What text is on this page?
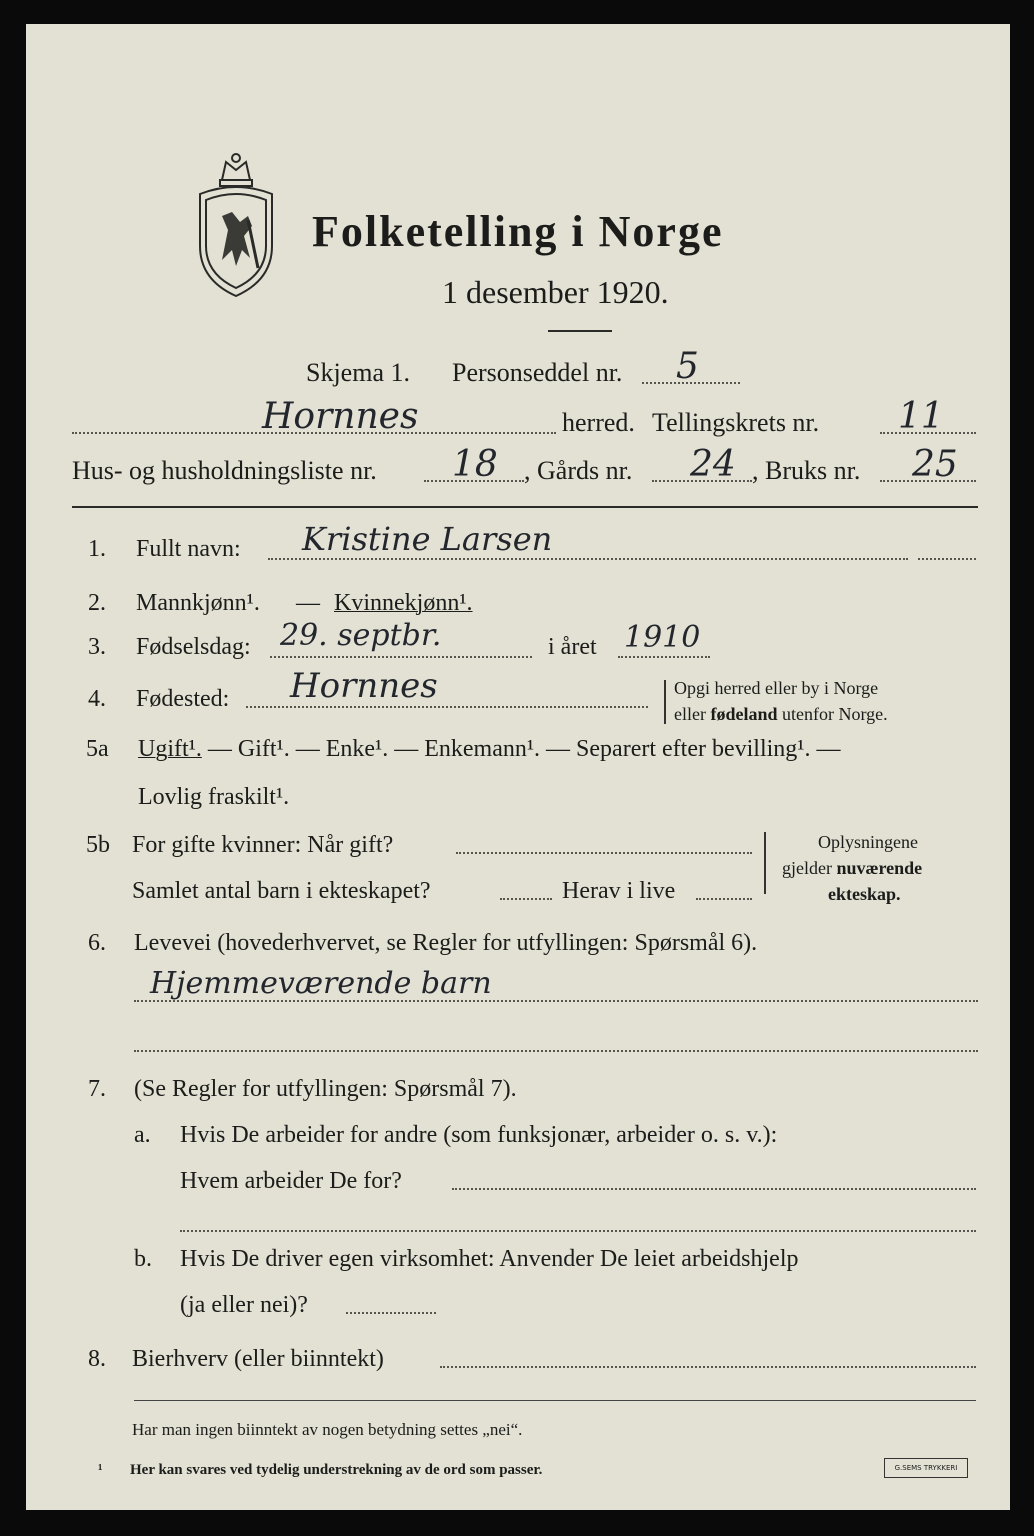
Folketelling i Norge
1 desember 1920.
Skjema 1. Personseddel nr. 5
Hornnes	herred. Tellingskrets nr. 11
Hus- og husholdningsliste nr. 18 , Gårds nr. 24 , Bruks nr. 25
1. Fullt navn: Kristine Larsen
2. Mannkjønn¹. — Kvinnekjønn¹.
3. Fødselsdag: 29. septbr.	i året 1910
4. Fødested: Hornnes	Opgi herred eller by i Norge
eller fødeland utenfor Norge.
5a Ugift¹. — Gift¹. — Enke¹. — Enkemann¹. — Separert efter bevilling¹. —
Lovlig fraskilt¹.
5b For gifte kvinner: Når gift?
Samlet antal barn i ekteskapet?	Herav i live
Oplysningene
gjelder nuværende
ekteskap.
6. Levevei (hovederhvervet, se Regler for utfyllingen: Spørsmål 6).
Hjemmeværende barn
7. (Se Regler for utfyllingen: Spørsmål 7).
a. Hvis De arbeider for andre (som funksjonær, arbeider o. s. v.):
Hvem arbeider De for?
b. Hvis De driver egen virksomhet: Anvender De leiet arbeidshjelp
(ja eller nei)?
8. Bierhverv (eller biinntekt)
Har man ingen biinntekt av nogen betydning settes „nei“.
¹ Her kan svares ved tydelig understrekning av de ord som passer.	G.SEMS TRYKKERI
